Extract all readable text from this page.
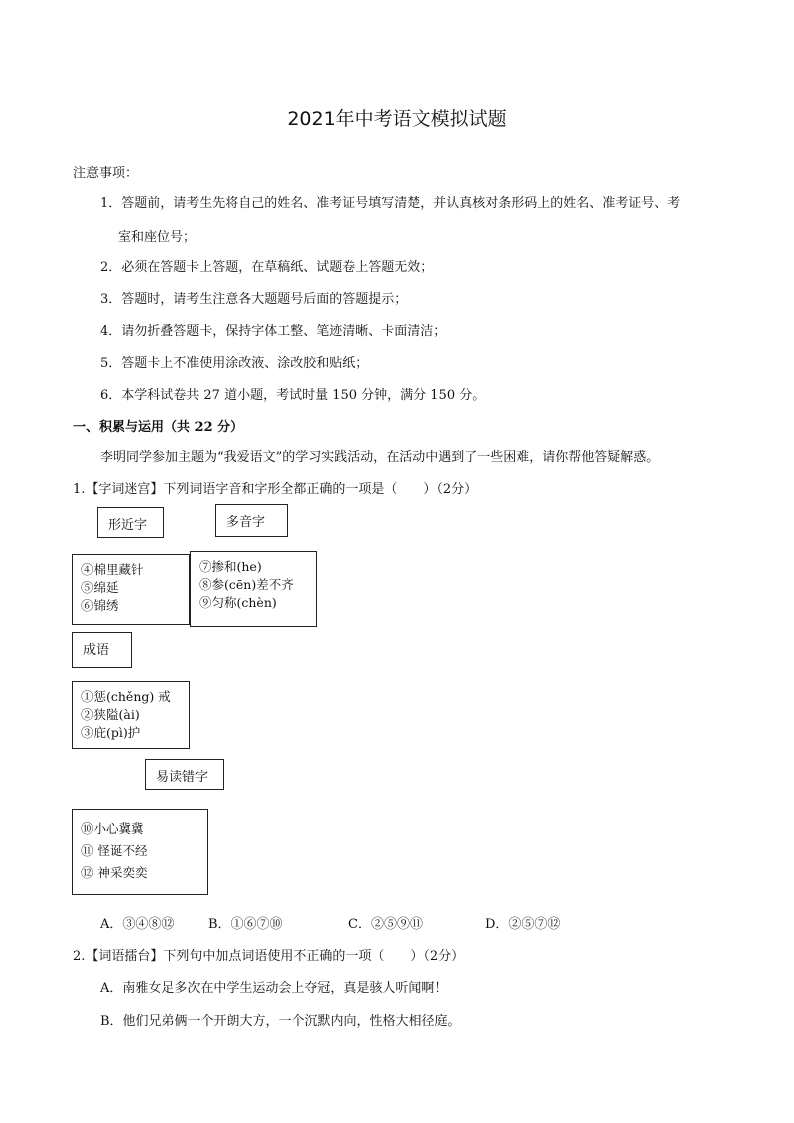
2021年中考语文模拟试题
注意事项：
1．答题前，请考生先将自己的姓名、准考证号填写清楚，并认真核对条形码上的姓名、准考证号、考
室和座位号；
2．必须在答题卡上答题，在草稿纸、试题卷上答题无效；
3．答题时，请考生注意各大题题号后面的答题提示；
4．请勿折叠答题卡，保持字体工整、笔迹清晰、卡面清洁；
5．答题卡上不准使用涂改液、涂改胶和贴纸；
6．本学科试卷共 27 道小题，考试时量 150 分钟，满分 150 分。
一、积累与运用（共 22 分）
李明同学参加主题为“我爱语文”的学习实践活动，在活动中遇到了一些困难，请你帮他答疑解惑。
1.【字词迷宫】下列词语字音和字形全都正确的一项是（　　）（2分）
形近字	多音字
④棉里藏针
⑤绵延
⑥锦绣
⑦掺和(he)
⑧参(cēn)差不齐
⑨匀称(chèn)
成语
①惩(chěng) 戒
②狭隘(ài)
③庇(pì)护
易读错字
⑩小心冀冀
⑪ 怪诞不经
⑫ 神采奕奕
A．③④⑧⑫	B．①⑥⑦⑩	C．②⑤⑨⑪	D．②⑤⑦⑫
2.【词语擂台】下列句中加点词语使用不正确的一项（　　）（2分）
A．南雅女足多次在中学生运动会上夺冠，真是骇人听闻啊！
B．他们兄弟俩一个开朗大方，一个沉默内向，性格大相径庭。
